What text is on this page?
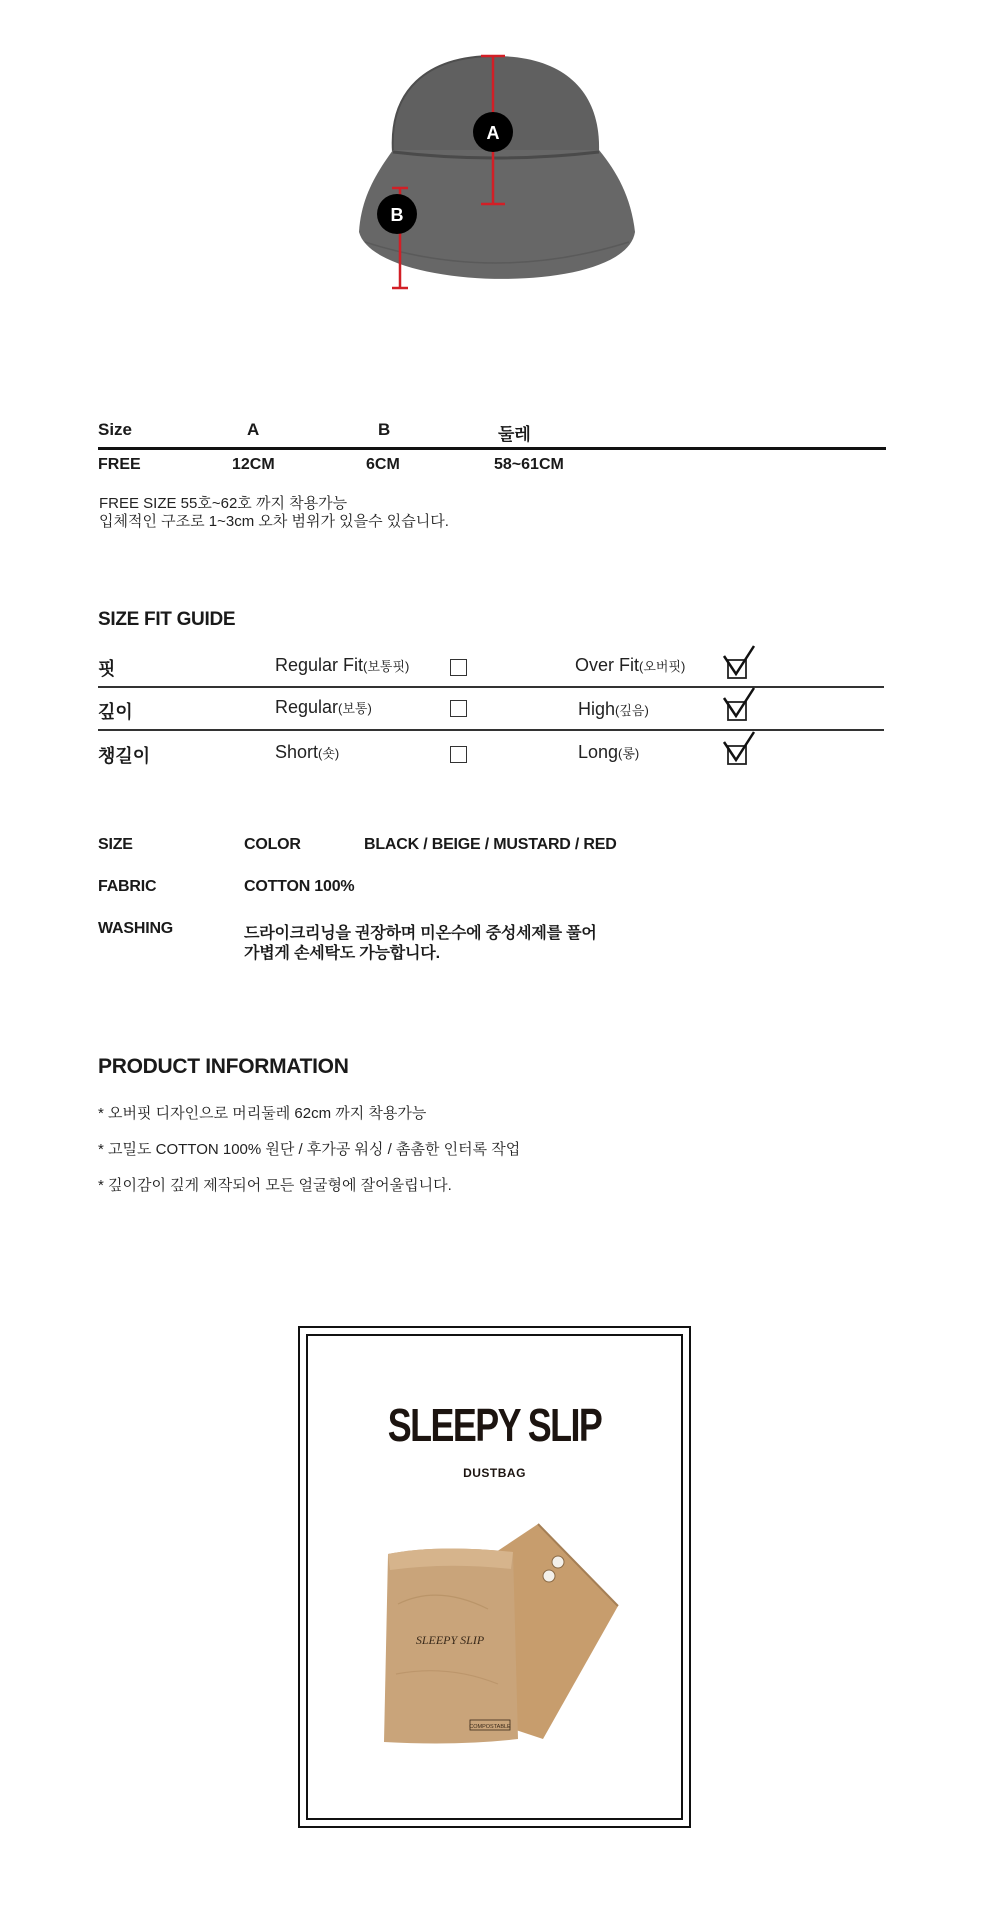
A
B
Size	A	B	둘레
FREE	12CM	6CM	58~61CM
FREE SIZE 55호~62호 까지 착용가능
입체적인 구조로 1~3cm 오차 범위가 있을수 있습니다.
SIZE FIT GUIDE
핏	Regular Fit(보통핏)	Over Fit(오버핏)
깊이	Regular(보통)	High(깊음)
챙길이	Short(숏)	Long(롱)
SIZE	COLOR	BLACK / BEIGE / MUSTARD / RED
FABRIC	COTTON 100%
WASHING	드라이크리닝을 권장하며 미온수에 중성세제를 풀어
가볍게 손세탁도 가능합니다.
PRODUCT INFORMATION
* 오버핏 디자인으로 머리둘레 62cm 까지 착용가능
* 고밀도 COTTON 100% 원단 / 후가공 워싱 / 촘촘한 인터록 작업
* 깊이감이 깊게 제작되어 모든 얼굴형에 잘어울립니다.
SLEEPY SLIP
DUSTBAG
SLEEPY SLIP
COMPOSTABLE
